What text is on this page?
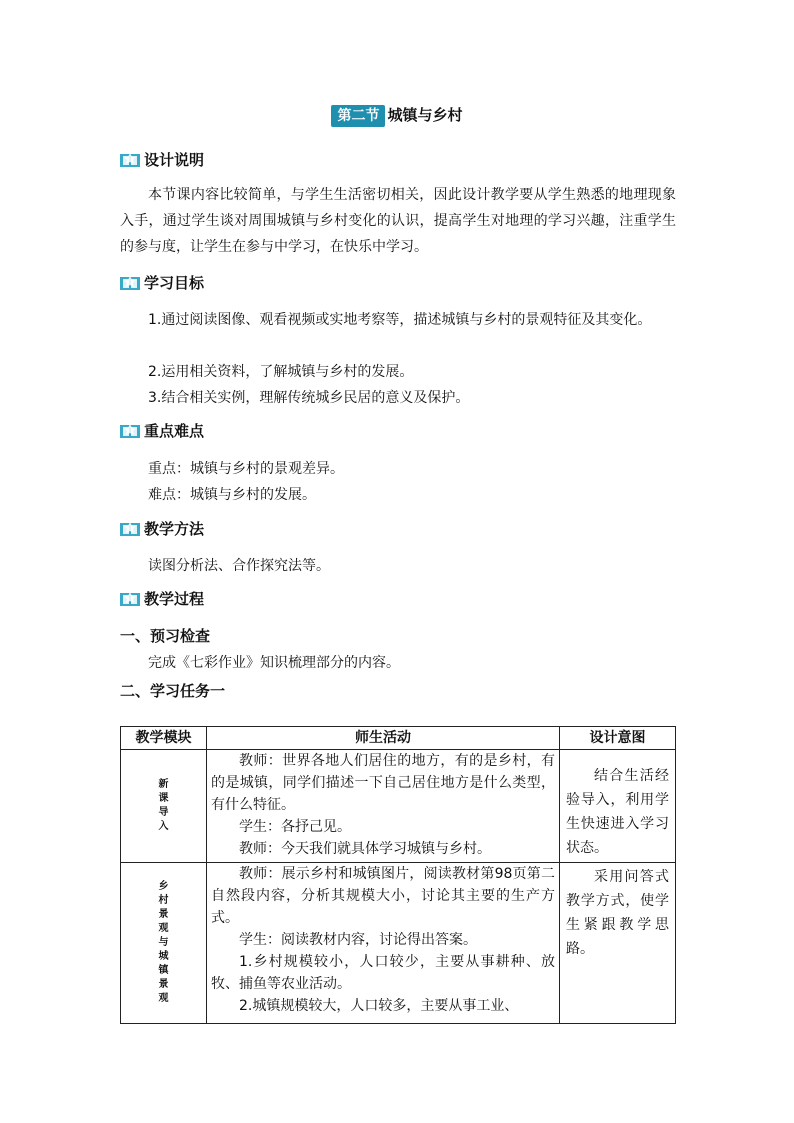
第二节 城镇与乡村
设计说明
本节课内容比较简单，与学生生活密切相关，因此设计教学要从学生熟悉的地理现象入手，通过学生谈对周围城镇与乡村变化的认识，提高学生对地理的学习兴趣，注重学生的参与度，让学生在参与中学习，在快乐中学习。
学习目标
1.通过阅读图像、观看视频或实地考察等，描述城镇与乡村的景观特征及其变化。
2.运用相关资料，了解城镇与乡村的发展。
3.结合相关实例，理解传统城乡民居的意义及保护。
重点难点
重点：城镇与乡村的景观差异。
难点：城镇与乡村的发展。
教学方法
读图分析法、合作探究法等。
教学过程
一、预习检查
完成《七彩作业》知识梳理部分的内容。
二、学习任务一
教学模块	师生活动	设计意图

新课导入	教师：世界各地人们居住的地方，有的是乡村，有的是城镇，同学们描述一下自己居住地方是什么类型，有什么特征。

学生：各抒己见。

教师：今天我们就具体学习城镇与乡村。	结合生活经验导入，利用学生快速进入学习状态。

乡村景观与城镇景观	教师：展示乡村和城镇图片，阅读教材第98页第二自然段内容，分析其规模大小，讨论其主要的生产方式。

学生：阅读教材内容，讨论得出答案。

1.乡村规模较小，人口较少，主要从事耕种、放牧、捕鱼等农业活动。

2.城镇规模较大，人口较多，主要从事工业、	采用问答式教学方式，使学生紧跟教学思路。
